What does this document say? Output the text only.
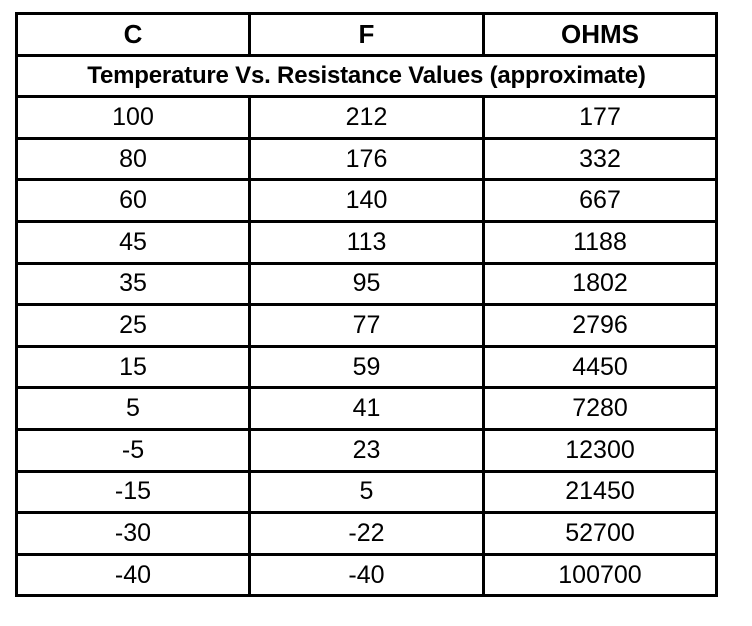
C	F	OHMS
Temperature Vs. Resistance Values (approximate)		
100	212	177
80	176	332
60	140	667
45	113	1188
35	95	1802
25	77	2796
15	59	4450
5	41	7280
-5	23	12300
-15	5	21450
-30	-22	52700
-40	-40	100700
